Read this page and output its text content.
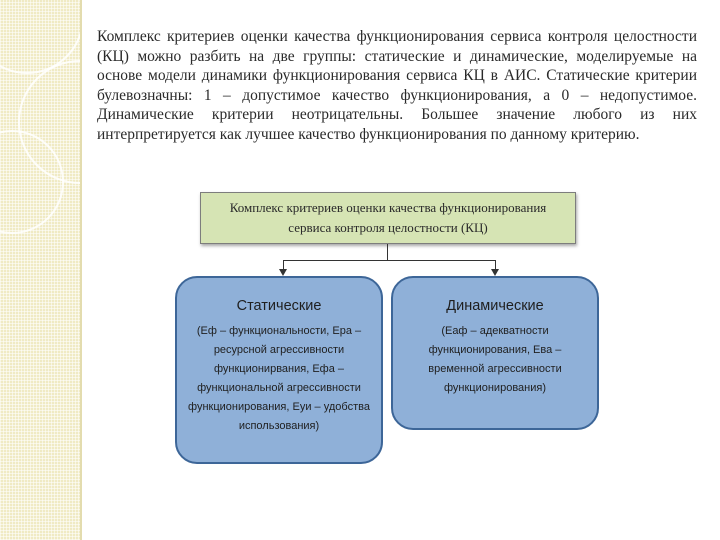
Комплекс критериев оценки качества функционирования сервиса контроля целостности (КЦ) можно разбить на две группы: статические и динамические, моделируемые на основе модели динамики функционирования сервиса КЦ в АИС. Статические критерии булевозначны: 1 – допустимое качество функционирования, а 0 – недопустимое. Динамические критерии неотрицательны. Большее значение любого из них интерпретируется как лучшее качество функционирования по данному критерию.

Комплекс критериев оценки качества функционирования сервиса контроля целостности (КЦ)
Статические
(Eф – функциональности, Eрa – ресурсной агрессивности функционирвания, Eфa – функциональной агрессивности функционирования, Eуи – удобства использования)
Динамические
(Eаф – адекватности функционирования, Eва – временной агрессивности функционирования)
